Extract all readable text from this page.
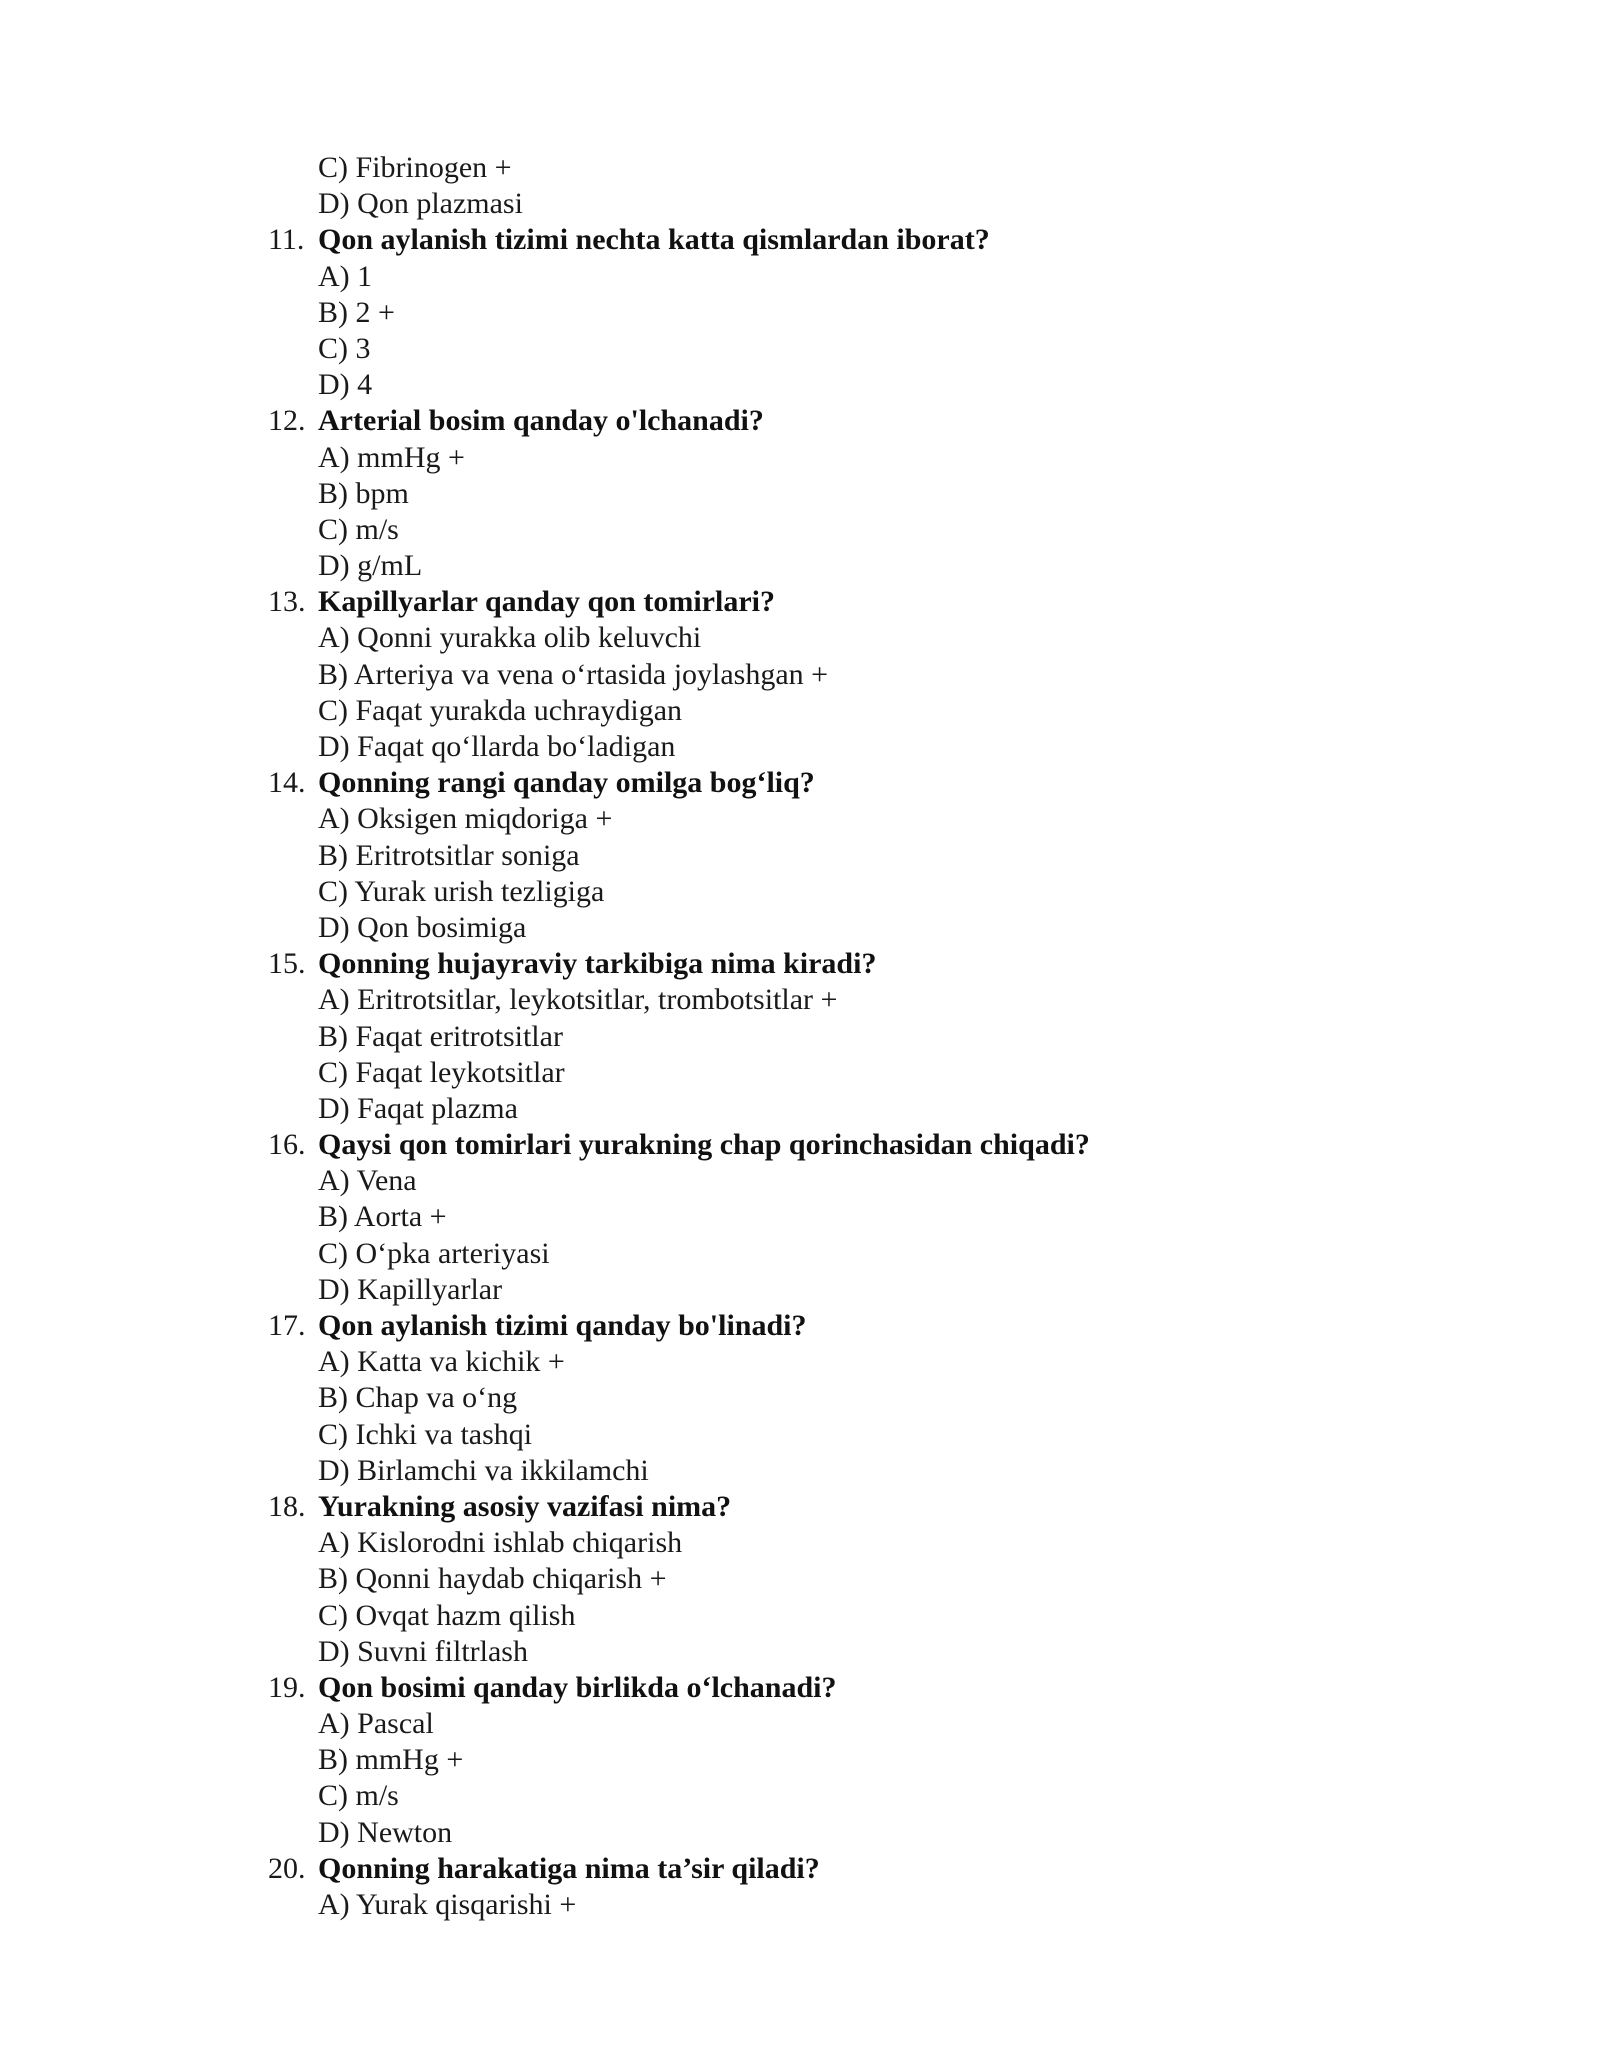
C) Fibrinogen +
D) Qon plazmasi
11. Qon aylanish tizimi nechta katta qismlardan iborat?
A) 1
B) 2 +
C) 3
D) 4
12. Arterial bosim qanday o'lchanadi?
A) mmHg +
B) bpm
C) m/s
D) g/mL
13. Kapillyarlar qanday qon tomirlari?
A) Qonni yurakka olib keluvchi
B) Arteriya va vena o‘rtasida joylashgan +
C) Faqat yurakda uchraydigan
D) Faqat qo‘llarda bo‘ladigan
14. Qonning rangi qanday omilga bog‘liq?
A) Oksigen miqdoriga +
B) Eritrotsitlar soniga
C) Yurak urish tezligiga
D) Qon bosimiga
15. Qonning hujayraviy tarkibiga nima kiradi?
A) Eritrotsitlar, leykotsitlar, trombotsitlar +
B) Faqat eritrotsitlar
C) Faqat leykotsitlar
D) Faqat plazma
16. Qaysi qon tomirlari yurakning chap qorinchasidan chiqadi?
A) Vena
B) Aorta +
C) O‘pka arteriyasi
D) Kapillyarlar
17. Qon aylanish tizimi qanday bo'linadi?
A) Katta va kichik +
B) Chap va o‘ng
C) Ichki va tashqi
D) Birlamchi va ikkilamchi
18. Yurakning asosiy vazifasi nima?
A) Kislorodni ishlab chiqarish
B) Qonni haydab chiqarish +
C) Ovqat hazm qilish
D) Suvni filtrlash
19. Qon bosimi qanday birlikda o‘lchanadi?
A) Pascal
B) mmHg +
C) m/s
D) Newton
20. Qonning harakatiga nima ta’sir qiladi?
A) Yurak qisqarishi +
